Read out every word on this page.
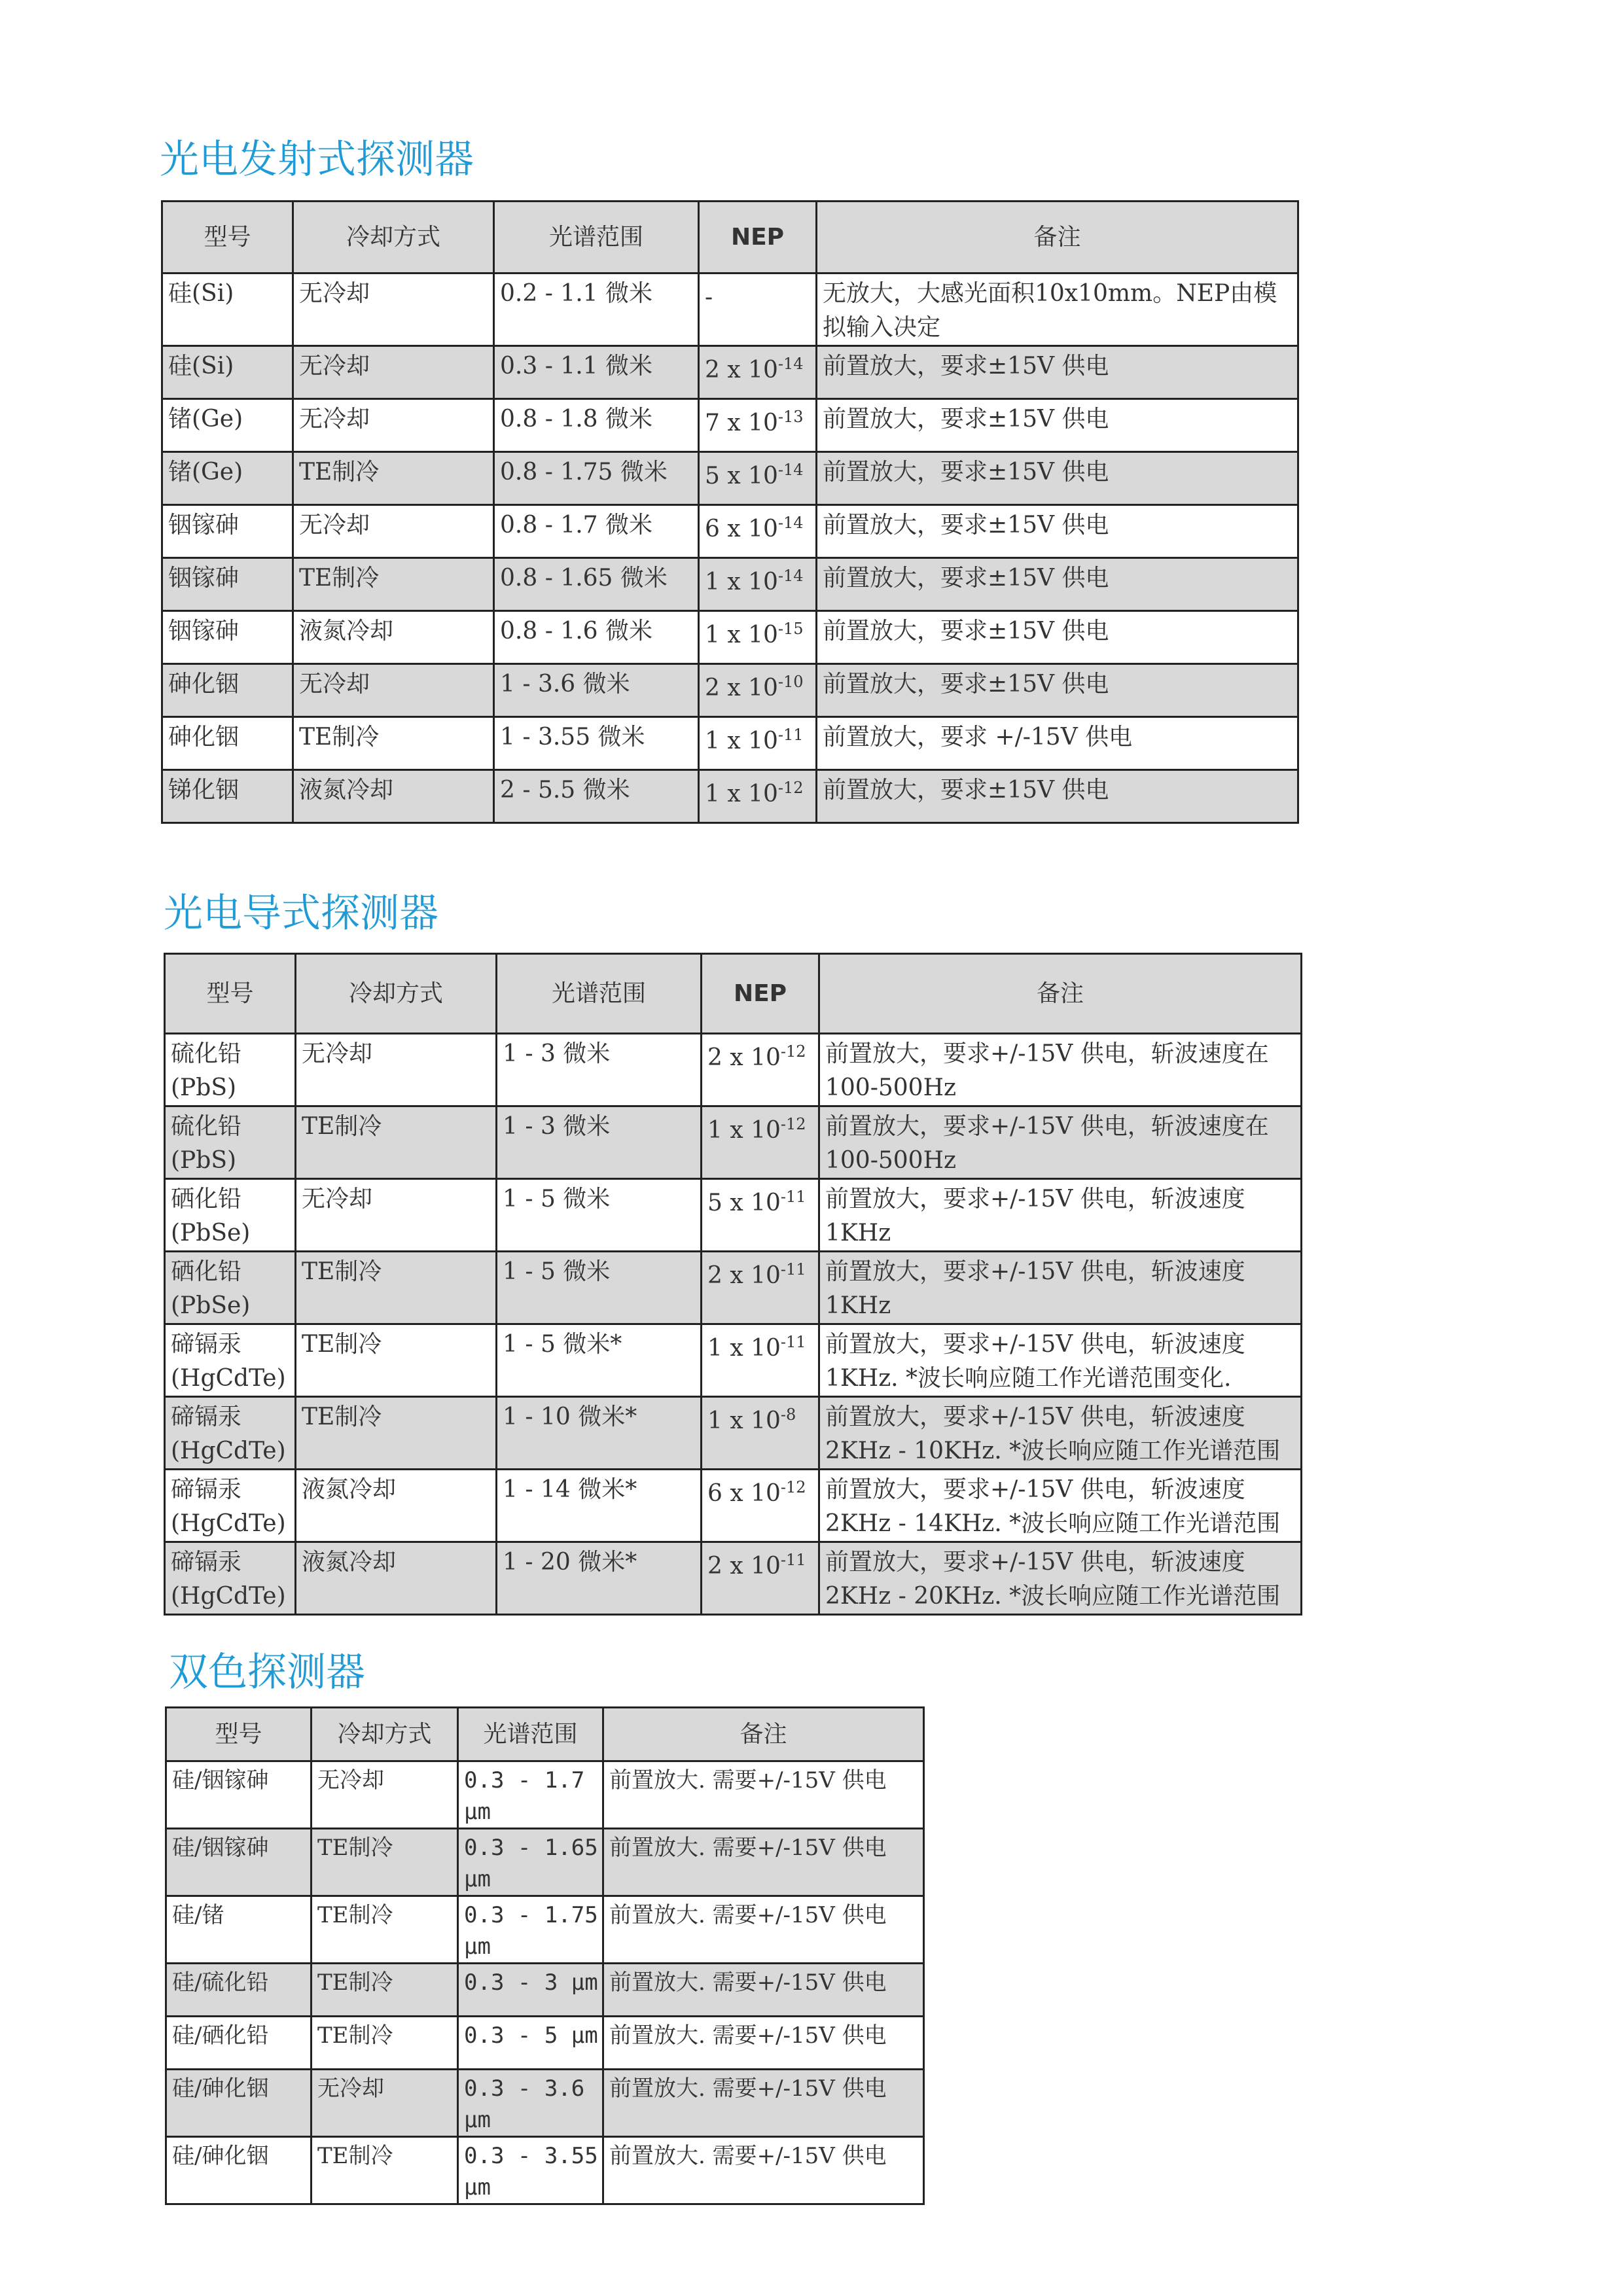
光电发射式探测器
型号	冷却方式	光谱范围	NEP	备注
硅(Si)	无冷却	0.2 - 1.1 微米	-	无放大，大感光面积10x10mm。NEP由模拟输入决定
硅(Si)	无冷却	0.3 - 1.1 微米	2 x $10^{-14}$	前置放大，要求±15V 供电
锗(Ge)	无冷却	0.8 - 1.8 微米	7 x $10^{-13}$	前置放大，要求±15V 供电
锗(Ge)	TE制冷	0.8 - 1.75 微米	5 x $10^{-14}$	前置放大，要求±15V 供电
铟镓砷	无冷却	0.8 - 1.7 微米	6 x $10^{-14}$	前置放大，要求±15V 供电
铟镓砷	TE制冷	0.8 - 1.65 微米	1 x $10^{-14}$	前置放大，要求±15V 供电
铟镓砷	液氮冷却	0.8 - 1.6 微米	1 x $10^{-15}$	前置放大，要求±15V 供电
砷化铟	无冷却	1 - 3.6 微米	2 x $10^{-10}$	前置放大，要求±15V 供电
砷化铟	TE制冷	1 - 3.55 微米	1 x $10^{-11}$	前置放大，要求 +/-15V 供电
锑化铟	液氮冷却	2 - 5.5 微米	1 x $10^{-12}$	前置放大，要求±15V 供电
光电导式探测器
型号	冷却方式	光谱范围	NEP	备注
硫化铅(PbS)	无冷却	1 - 3 微米	2 x $10^{-12}$	前置放大，要求+/-15V 供电，斩波速度在100-500Hz
硫化铅(PbS)	TE制冷	1 - 3 微米	1 x $10^{-12}$	前置放大，要求+/-15V 供电，斩波速度在100-500Hz
硒化铅(PbSe)	无冷却	1 - 5 微米	5 x $10^{-11}$	前置放大，要求+/-15V 供电，斩波速度1KHz
硒化铅(PbSe)	TE制冷	1 - 5 微米	2 x $10^{-11}$	前置放大，要求+/-15V 供电，斩波速度1KHz
碲镉汞(HgCdTe)	TE制冷	1 - 5 微米*	1 x $10^{-11}$	前置放大，要求+/-15V 供电，斩波速度1KHz. *波长响应随工作光谱范围变化.
碲镉汞(HgCdTe)	TE制冷	1 - 10 微米*	1 x $10^{-8}$	前置放大，要求+/-15V 供电，斩波速度2KHz - 10KHz. *波长响应随工作光谱范围
碲镉汞(HgCdTe)	液氮冷却	1 - 14 微米*	6 x $10^{-12}$	前置放大，要求+/-15V 供电，斩波速度2KHz - 14KHz. *波长响应随工作光谱范围
碲镉汞(HgCdTe)	液氮冷却	1 - 20 微米*	2 x $10^{-11}$	前置放大，要求+/-15V 供电，斩波速度2KHz - 20KHz. *波长响应随工作光谱范围
双色探测器
型号	冷却方式	光谱范围	备注
硅/铟镓砷	无冷却	0.3 - 1.7 μm	前置放大. 需要+/-15V 供电
硅/铟镓砷	TE制冷	0.3 - 1.65 μm	前置放大. 需要+/-15V 供电
硅/锗	TE制冷	0.3 - 1.75 μm	前置放大. 需要+/-15V 供电
硅/硫化铅	TE制冷	0.3 - 3 μm	前置放大. 需要+/-15V 供电
硅/硒化铅	TE制冷	0.3 - 5 μm	前置放大. 需要+/-15V 供电
硅/砷化铟	无冷却	0.3 - 3.6 μm	前置放大. 需要+/-15V 供电
硅/砷化铟	TE制冷	0.3 - 3.55 μm	前置放大. 需要+/-15V 供电
